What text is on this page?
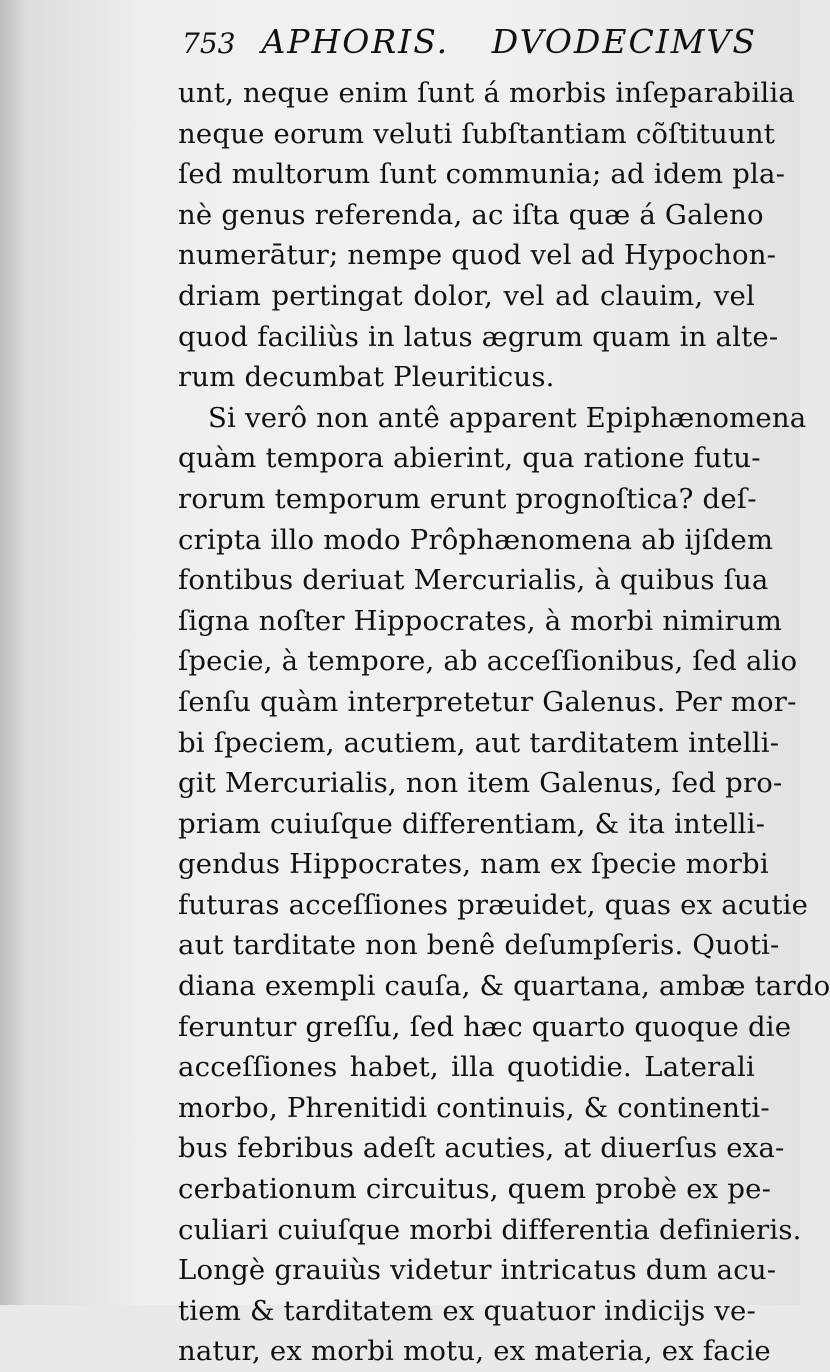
753 APHORIS. DVODECIMVS
unt, neque enim ſunt á morbis inſeparabilia
neque eorum veluti ſubſtantiam cõſtituunt
ſed multorum ſunt communia; ad idem pla-
nè genus referenda, ac iſta quæ á Galeno
numerātur; nempe quod vel ad Hypochon-
driam pertingat dolor, vel ad clauim, vel
quod faciliùs in latus ægrum quam in alte-
rum decumbat Pleuriticus.
Si verô non antê apparent Epiphænomena
quàm tempora abierint, qua ratione futu-
rorum temporum erunt prognoſtica? deſ-
cripta illo modo Prôphænomena ab ijſdem
fontibus deriuat Mercurialis, à quibus ſua
ſigna noſter Hippocrates, à morbi nimirum
ſpecie, à tempore, ab acceſſionibus, ſed alio
ſenſu quàm interpretetur Galenus. Per mor-
bi ſpeciem, acutiem, aut tarditatem intelli-
git Mercurialis, non item Galenus, ſed pro-
priam cuiuſque differentiam, & ita intelli-
gendus Hippocrates, nam ex ſpecie morbi
futuras acceſſiones præuidet, quas ex acutie
aut tarditate non benê deſumpſeris. Quoti-
diana exempli cauſa, & quartana, ambæ tardo
feruntur greſſu, ſed hæc quarto quoque die
acceſſiones habet, illa quotidie. Laterali
morbo, Phrenitidi continuis, & continenti-
bus febribus adeſt acuties, at diuerſus exa-
cerbationum circuitus, quem probè ex pe-
culiari cuiuſque morbi differentia definieris.
Longè grauiùs videtur intricatus dum acu-
tiem & tarditatem ex quatuor indicijs ve-
natur, ex morbi motu, ex materia, ex facie
